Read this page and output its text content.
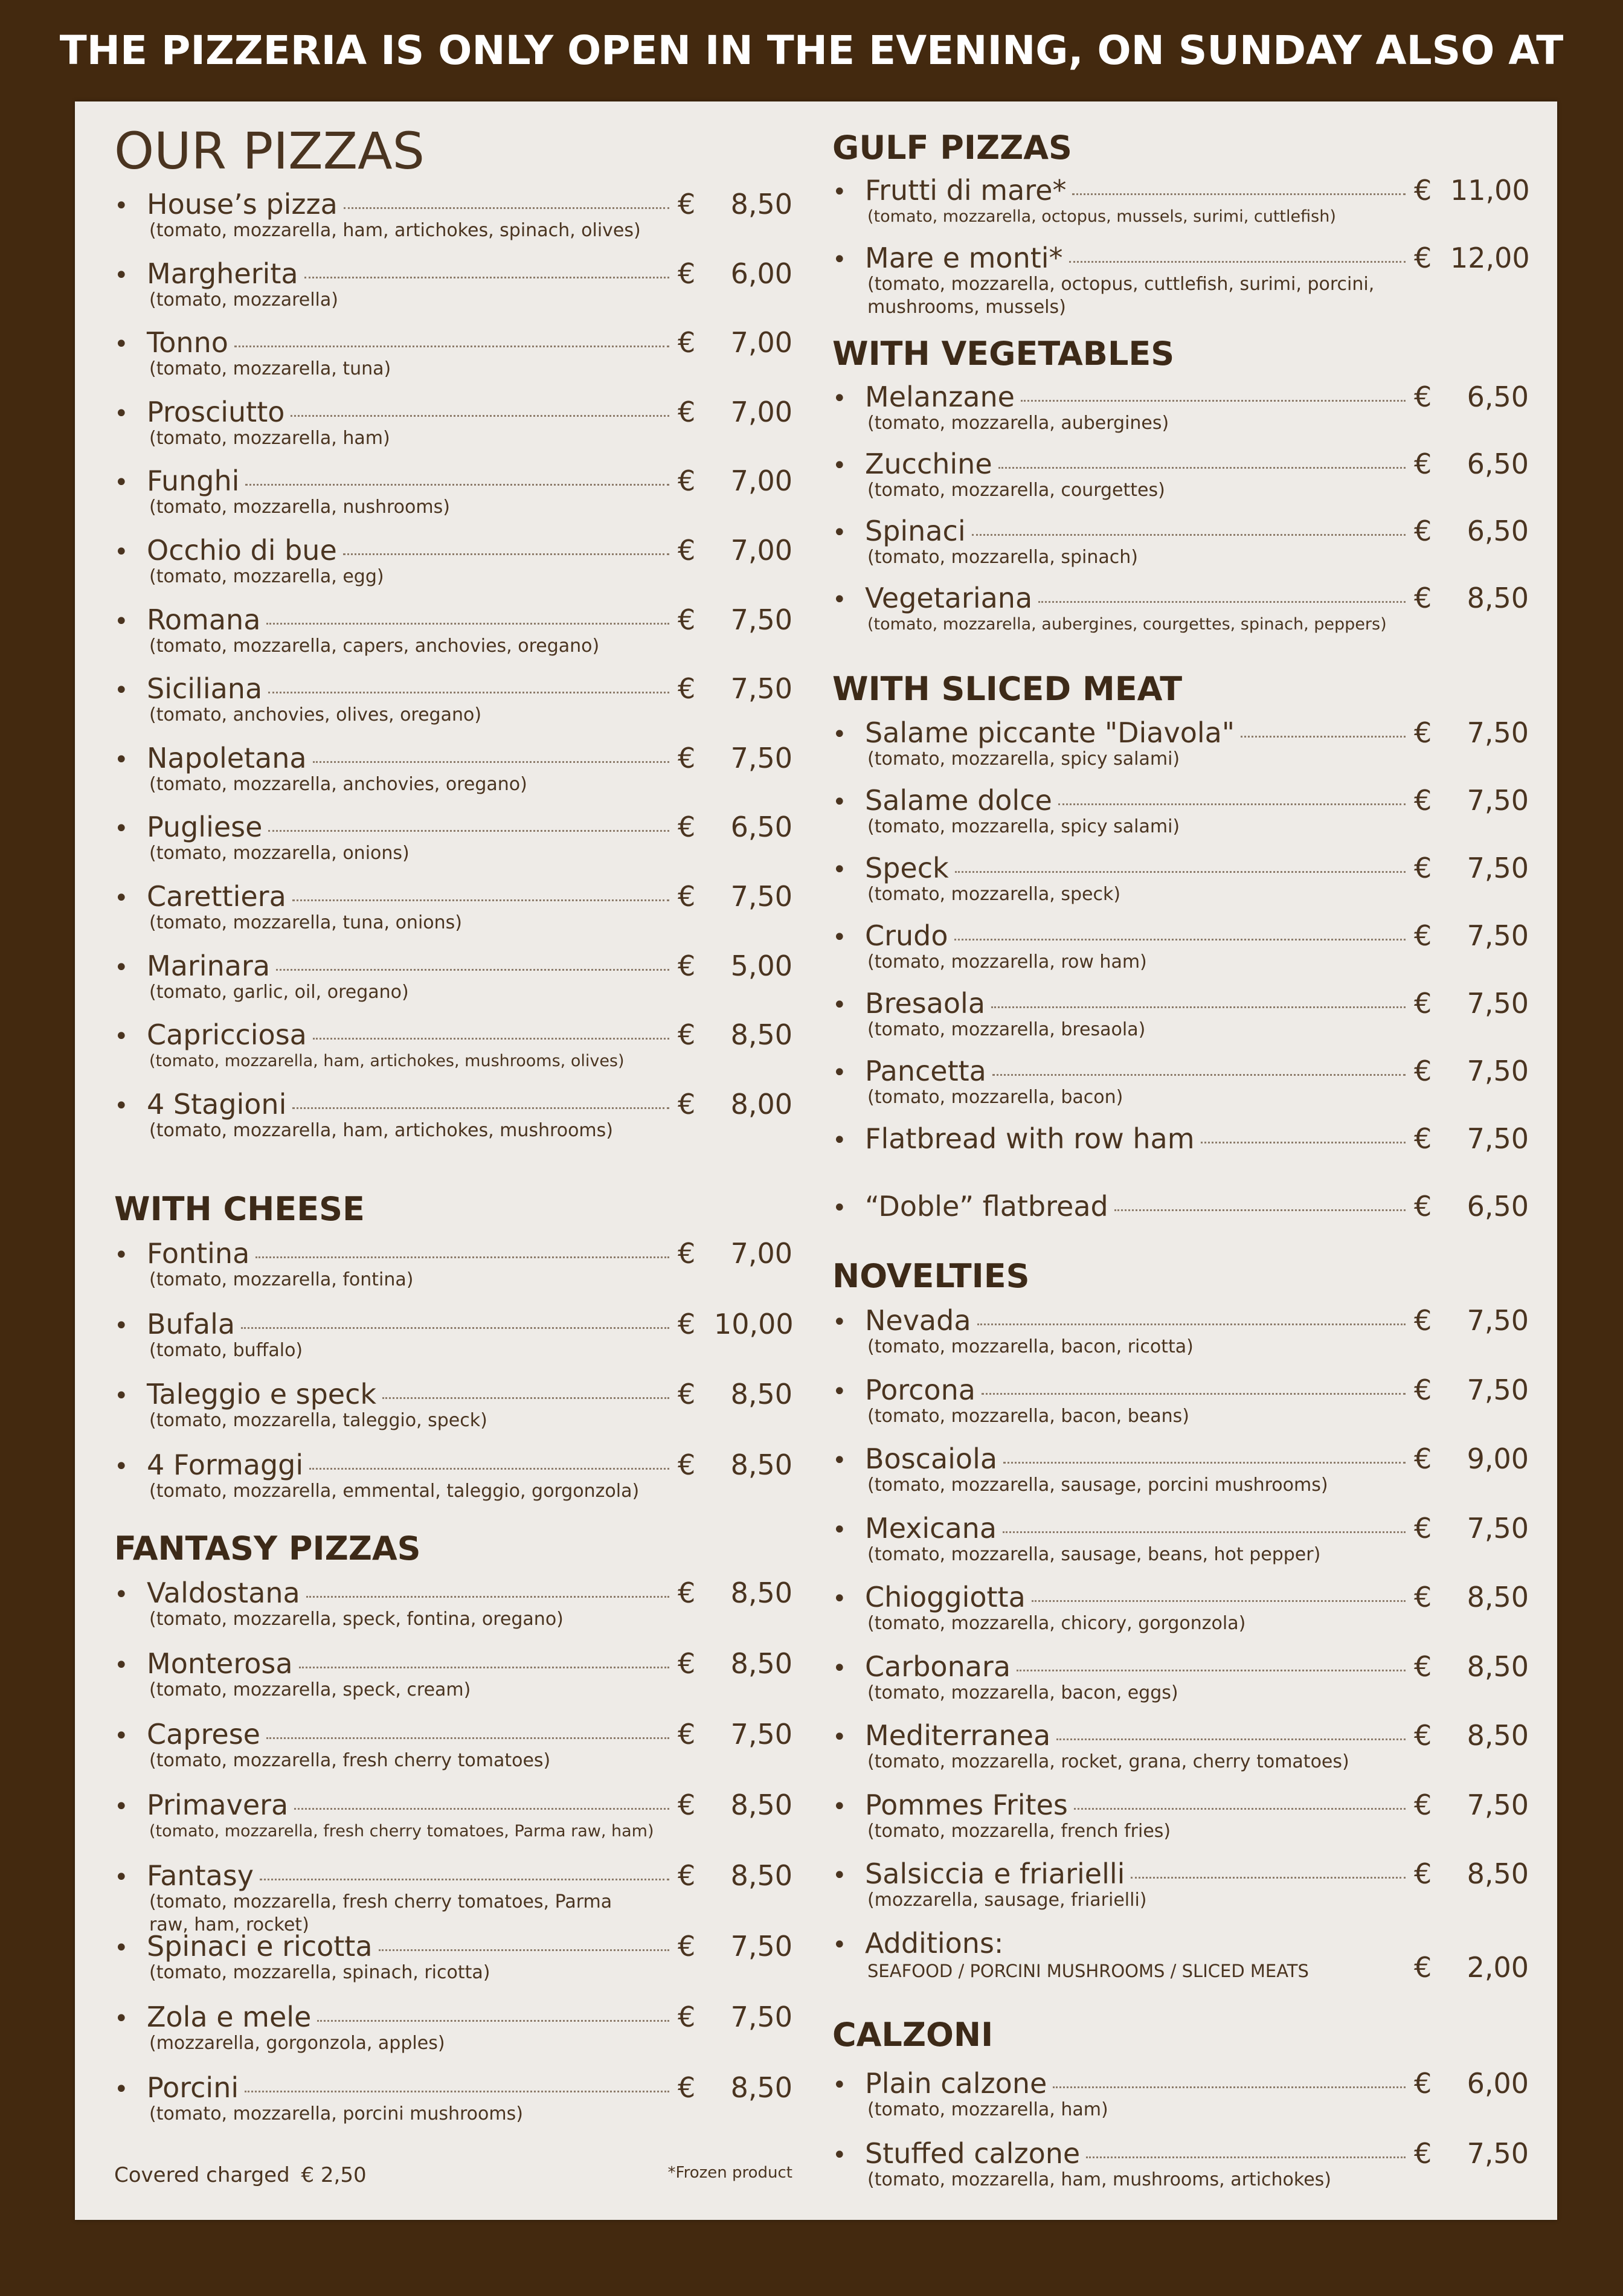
THE PIZZERIA IS ONLY OPEN IN THE EVENING, ON SUNDAY ALSO AT
OUR PIZZAS
WITH CHEESE
FANTASY PIZZAS
Covered charged € 2,50	*Frozen product
• House’s pizza	€	8,50
(tomato, mozzarella, ham, artichokes, spinach, olives)
• Margherita	€	6,00
(tomato, mozzarella)
• Tonno	€	7,00
(tomato, mozzarella, tuna)
• Prosciutto	€	7,00
(tomato, mozzarella, ham)
• Funghi	€	7,00
(tomato, mozzarella, nushrooms)
• Occhio di bue	€	7,00
(tomato, mozzarella, egg)
• Romana	€	7,50
(tomato, mozzarella, capers, anchovies, oregano)
• Siciliana	€	7,50
(tomato, anchovies, olives, oregano)
• Napoletana	€	7,50
(tomato, mozzarella, anchovies, oregano)
• Pugliese	€	6,50
(tomato, mozzarella, onions)
• Carettiera	€	7,50
(tomato, mozzarella, tuna, onions)
• Marinara	€	5,00
(tomato, garlic, oil, oregano)
• Capricciosa	€	8,50
(tomato, mozzarella, ham, artichokes, mushrooms, olives)
• 4 Stagioni	€	8,00
(tomato, mozzarella, ham, artichokes, mushrooms)
• Fontina	€	7,00
(tomato, mozzarella, fontina)
• Bufala	€ 10,00
(tomato, buffalo)
• Taleggio e speck	€	8,50
(tomato, mozzarella, taleggio, speck)
• 4 Formaggi	€	8,50
(tomato, mozzarella, emmental, taleggio, gorgonzola)
• Valdostana	€	8,50
(tomato, mozzarella, speck, fontina, oregano)
• Monterosa	€	8,50
(tomato, mozzarella, speck, cream)
• Caprese	€	7,50
(tomato, mozzarella, fresh cherry tomatoes)
• Primavera	€	8,50
(tomato, mozzarella, fresh cherry tomatoes, Parma raw, ham)
• Fantasy	€	8,50
(tomato, mozzarella, fresh cherry tomatoes, Parma raw, ham, rocket)
• Spinaci e ricotta	€	7,50
(tomato, mozzarella, spinach, ricotta)
• Zola e mele	€	7,50
(mozzarella, gorgonzola, apples)
• Porcini	€	8,50
(tomato, mozzarella, porcini mushrooms)
GULF PIZZAS
WITH VEGETABLES
WITH SLICED MEAT
NOVELTIES
• Additions:
SEAFOOD / PORCINI MUSHROOMS / SLICED MEATS	€	2,00
CALZONI
• Frutti di mare*	€ 11,00
(tomato, mozzarella, octopus, mussels, surimi, cuttlefish)
• Mare e monti*	€ 12,00
(tomato, mozzarella, octopus, cuttlefish, surimi, porcini, mushrooms, mussels)
• Melanzane	€	6,50
(tomato, mozzarella, aubergines)
• Zucchine	€	6,50
(tomato, mozzarella, courgettes)
• Spinaci	€	6,50
(tomato, mozzarella, spinach)
• Vegetariana	€	8,50
(tomato, mozzarella, aubergines, courgettes, spinach, peppers)
• Salame piccante "Diavola"	€	7,50
(tomato, mozzarella, spicy salami)
• Salame dolce	€	7,50
(tomato, mozzarella, spicy salami)
• Speck	€	7,50
(tomato, mozzarella, speck)
• Crudo	€	7,50
(tomato, mozzarella, row ham)
• Bresaola	€	7,50
(tomato, mozzarella, bresaola)
• Pancetta	€	7,50
(tomato, mozzarella, bacon)
• Flatbread with row ham	€	7,50
• “Doble” flatbread	€	6,50
• Nevada	€	7,50
(tomato, mozzarella, bacon, ricotta)
• Porcona	€	7,50
(tomato, mozzarella, bacon, beans)
• Boscaiola	€	9,00
(tomato, mozzarella, sausage, porcini mushrooms)
• Mexicana	€	7,50
(tomato, mozzarella, sausage, beans, hot pepper)
• Chioggiotta	€	8,50
(tomato, mozzarella, chicory, gorgonzola)
• Carbonara	€	8,50
(tomato, mozzarella, bacon, eggs)
• Mediterranea	€	8,50
(tomato, mozzarella, rocket, grana, cherry tomatoes)
• Pommes Frites	€	7,50
(tomato, mozzarella, french fries)
• Salsiccia e friarielli	€	8,50
(mozzarella, sausage, friarielli)
• Plain calzone	€	6,00
(tomato, mozzarella, ham)
• Stuffed calzone	€	7,50
(tomato, mozzarella, ham, mushrooms, artichokes)
